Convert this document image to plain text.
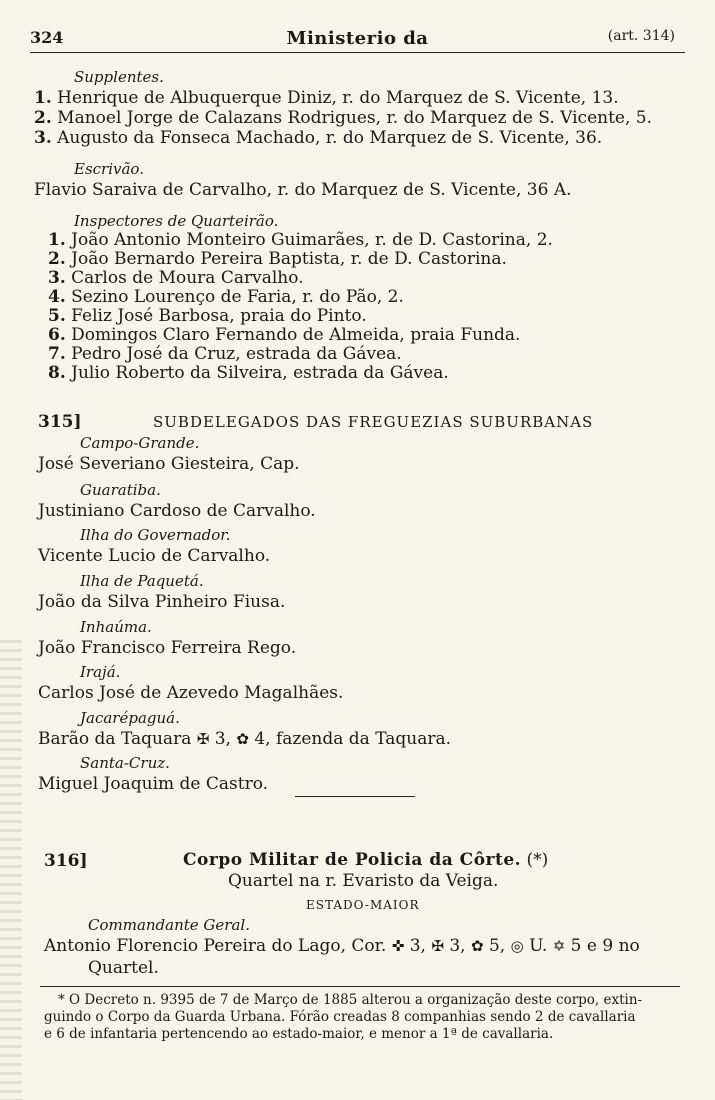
324	Ministerio da	(art. 314)
Supplentes.
1. Henrique de Albuquerque Diniz, r. do Marquez de S. Vicente, 13.
2. Manoel Jorge de Calazans Rodrigues, r. do Marquez de S. Vicente, 5.
3. Augusto da Fonseca Machado, r. do Marquez de S. Vicente, 36.
Escrivão.
Flavio Saraiva de Carvalho, r. do Marquez de S. Vicente, 36 A.
Inspectores de Quarteirão.
1. João Antonio Monteiro Guimarães, r. de D. Castorina, 2.
2. João Bernardo Pereira Baptista, r. de D. Castorina.
3. Carlos de Moura Carvalho.
4. Sezino Lourenço de Faria, r. do Pão, 2.
5. Feliz José Barbosa, praia do Pinto.
6. Domingos Claro Fernando de Almeida, praia Funda.
7. Pedro José da Cruz, estrada da Gávea.
8. Julio Roberto da Silveira, estrada da Gávea.
315]	SUBDELEGADOS DAS FREGUEZIAS SUBURBANAS
Campo-Grande.
José Severiano Giesteira, Cap.
Guaratiba.
Justiniano Cardoso de Carvalho.
Ilha do Governador.
Vicente Lucio de Carvalho.
Ilha de Paquetá.
João da Silva Pinheiro Fiusa.
Inhaúma.
João Francisco Ferreira Rego.
Irajá.
Carlos José de Azevedo Magalhães.
Jacarépaguá.
Barão da Taquara ✠ 3, ✿ 4, fazenda da Taquara.
Santa-Cruz.
Miguel Joaquim de Castro.
316]	Corpo Militar de Policia da Côrte. (*)
Quartel na r. Evaristo da Veiga.
ESTADO-MAIOR
Commandante Geral.
Antonio Florencio Pereira do Lago, Cor. ✜ 3, ✠ 3, ✿ 5, ◎ U. ✡ 5 e 9 no
Quartel.
* O Decreto n. 9395 de 7 de Março de 1885 alterou a organização deste corpo, extin-
guindo o Corpo da Guarda Urbana. Fórão creadas 8 companhias sendo 2 de cavallaria
e 6 de infantaria pertencendo ao estado-maior, e menor a 1ª de cavallaria.
